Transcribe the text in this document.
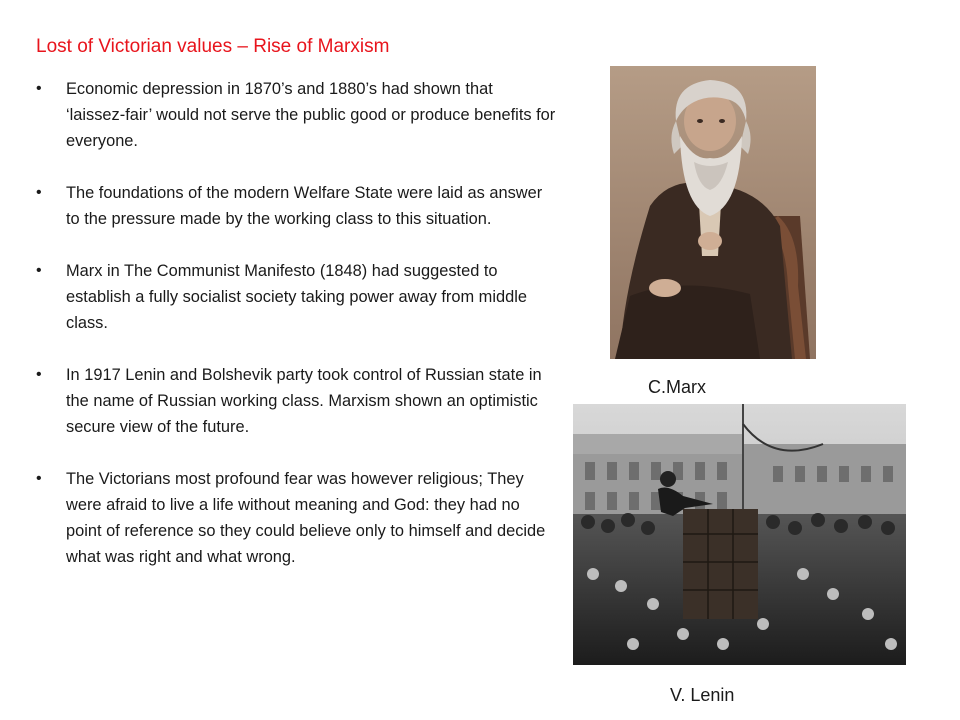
Lost of Victorian values – Rise of Marxism
• Economic depression in 1870’s and 1880’s had shown that ‘laissez-fair’ would not serve the public good or produce benefits for everyone.
• The foundations of the modern Welfare State were laid as answer to the pressure made by the working class to this situation.
• Marx in The Communist Manifesto (1848) had suggested to establish a fully socialist society taking power away from middle class.
• In 1917 Lenin and Bolshevik party took control of Russian state in the name of Russian working class. Marxism shown an optimistic secure view of the future.
• The Victorians most profound fear was however religious; They were afraid to live a life without meaning and God: they had no point of reference so they could believe only to himself and decide what was right and what wrong.
C.Marx
V. Lenin
